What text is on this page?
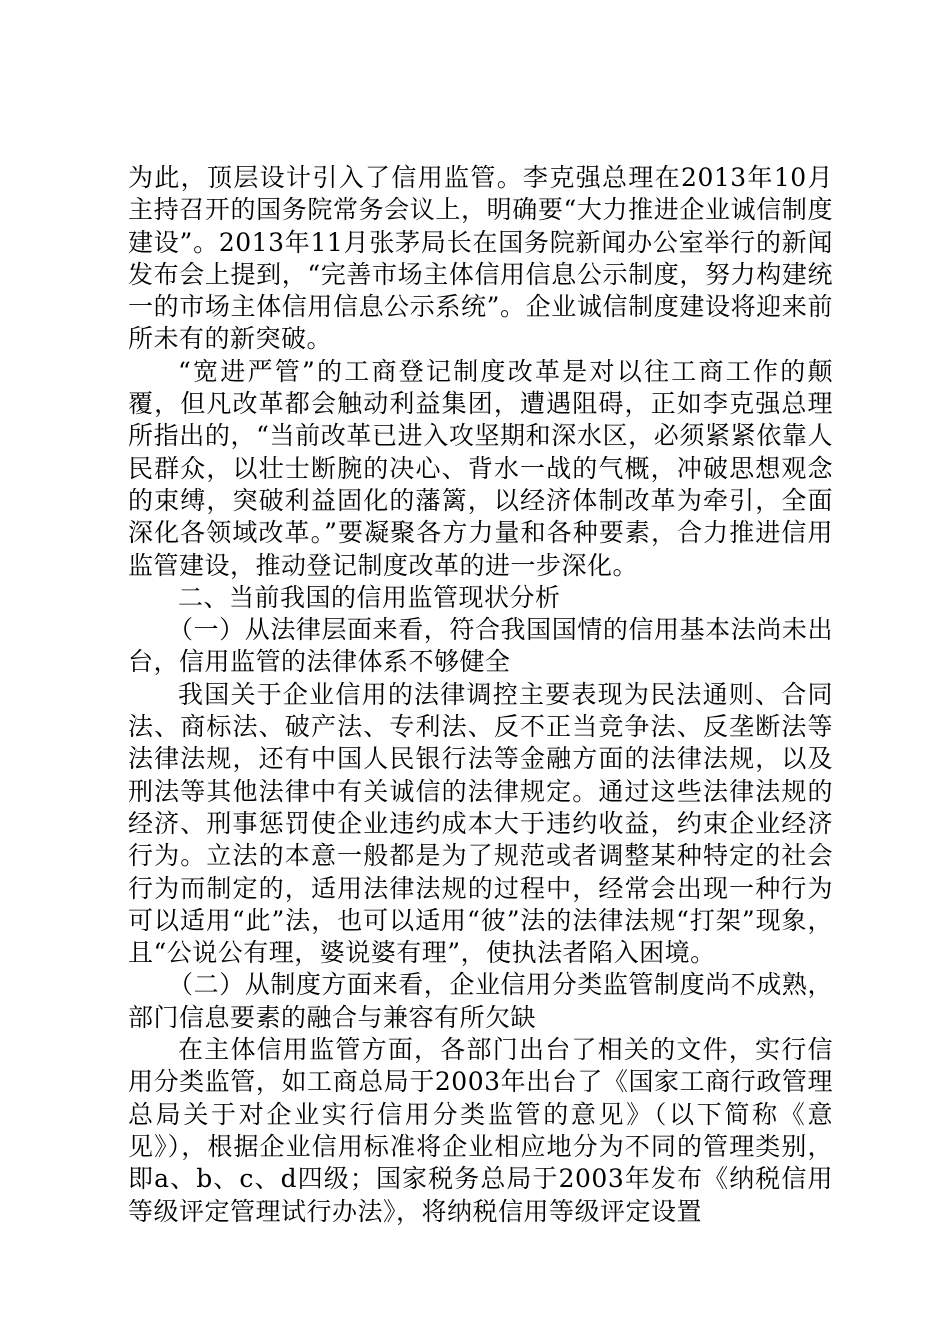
为此，顶层设计引入了信用监管。李克强总理在2013年10月主持召开的国务院常务会议上，明确要“大力推进企业诚信制度建设”。2013年11月张茅局长在国务院新闻办公室举行的新闻发布会上提到，“完善市场主体信用信息公示制度，努力构建统一的市场主体信用信息公示系统”。企业诚信制度建设将迎来前所未有的新突破。

“宽进严管”的工商登记制度改革是对以往工商工作的颠覆，但凡改革都会触动利益集团，遭遇阻碍，正如李克强总理所指出的，“当前改革已进入攻坚期和深水区，必须紧紧依靠人民群众，以壮士断腕的决心、背水一战的气概，冲破思想观念的束缚，突破利益固化的藩篱，以经济体制改革为牵引，全面深化各领域改革。”要凝聚各方力量和各种要素，合力推进信用监管建设，推动登记制度改革的进一步深化。

二、当前我国的信用监管现状分析

（一）从法律层面来看，符合我国国情的信用基本法尚未出台，信用监管的法律体系不够健全

我国关于企业信用的法律调控主要表现为民法通则、合同法、商标法、破产法、专利法、反不正当竞争法、反垄断法等法律法规，还有中国人民银行法等金融方面的法律法规，以及刑法等其他法律中有关诚信的法律规定。通过这些法律法规的经济、刑事惩罚使企业违约成本大于违约收益，约束企业经济行为。立法的本意一般都是为了规范或者调整某种特定的社会行为而制定的，适用法律法规的过程中，经常会出现一种行为可以适用“此”法，也可以适用“彼”法的法律法规“打架”现象，且“公说公有理，婆说婆有理”，使执法者陷入困境。

（二）从制度方面来看，企业信用分类监管制度尚不成熟，部门信息要素的融合与兼容有所欠缺

在主体信用监管方面，各部门出台了相关的文件，实行信用分类监管，如工商总局于2003年出台了《国家工商行政管理总局关于对企业实行信用分类监管的意见》（以下简称《意见》），根据企业信用标准将企业相应地分为不同的管理类别，即a、b、c、d四级；国家税务总局于2003年发布《纳税信用等级评定管理试行办法》，将纳税信用等级评定设置
